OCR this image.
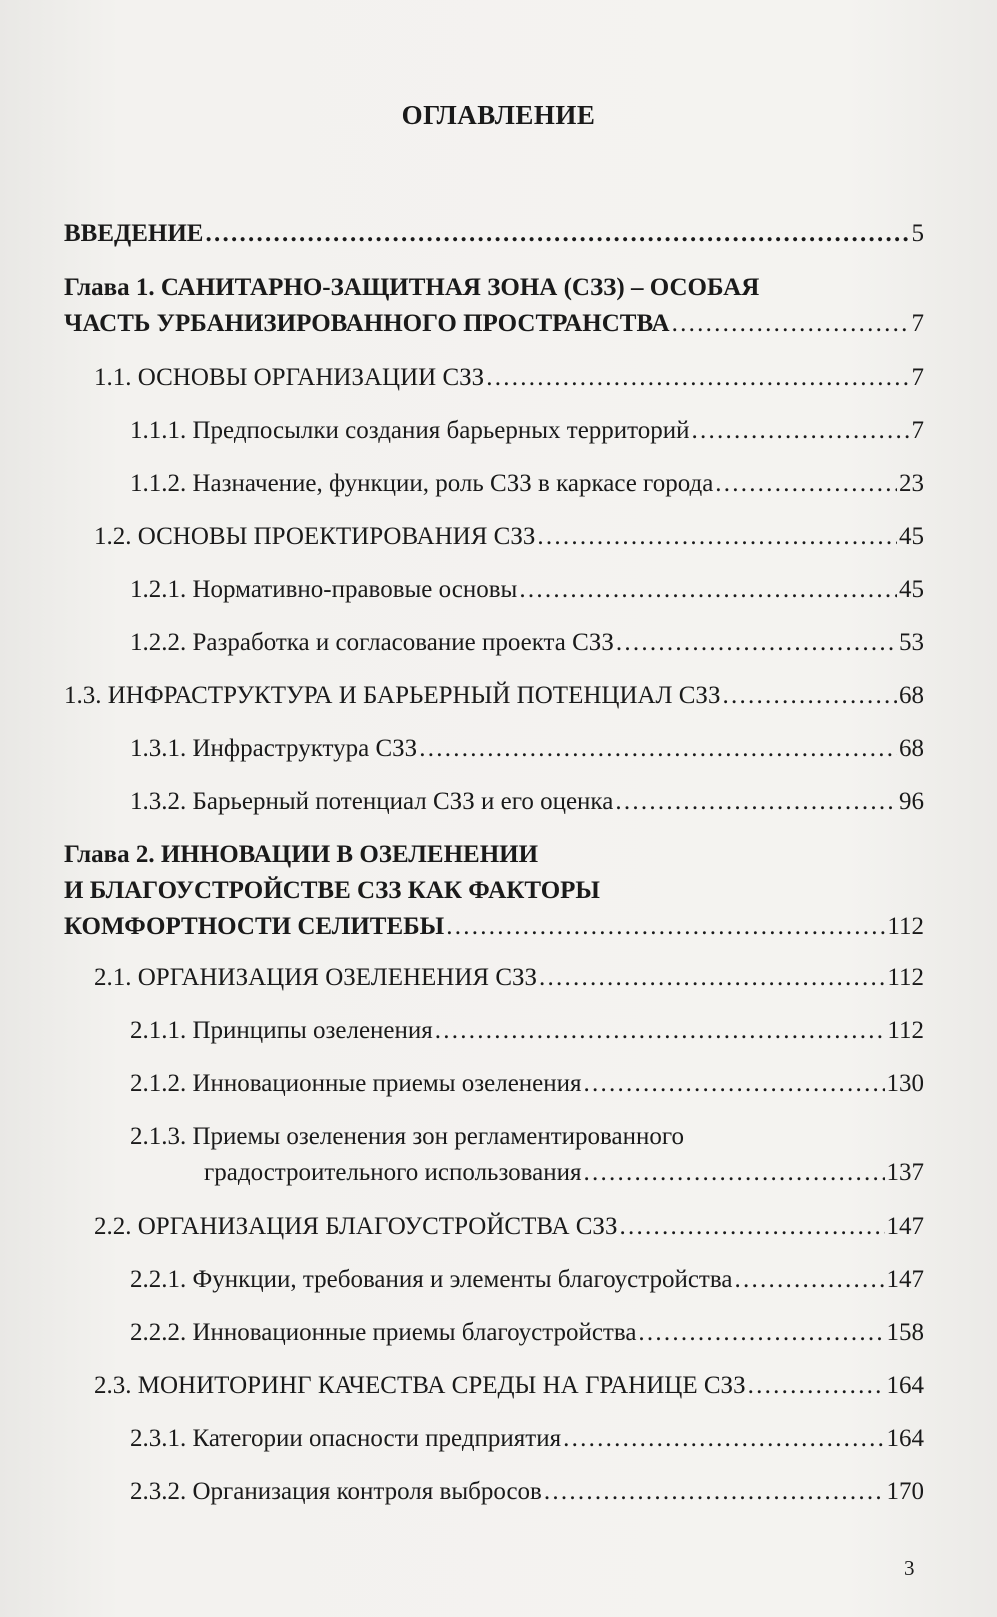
ОГЛАВЛЕНИЕ
ВВЕДЕНИЕ . . .	5
Глава 1. САНИТАРНО-ЗАЩИТНАЯ ЗОНА (СЗЗ) – ОСОБАЯ
ЧАСТЬ УРБАНИЗИРОВАННОГО ПРОСТРАНСТВА . . .	7
1.1. ОСНОВЫ ОРГАНИЗАЦИИ СЗЗ . . .	7
1.1.1. Предпосылки создания барьерных территорий . . .	7
1.1.2. Назначение, функции, роль СЗЗ в каркасе города . . .	23
1.2. ОСНОВЫ ПРОЕКТИРОВАНИЯ СЗЗ . . .	45
1.2.1. Нормативно-правовые основы . . .	45
1.2.2. Разработка и согласование проекта СЗЗ . . .	53
1.3. ИНФРАСТРУКТУРА И БАРЬЕРНЫЙ ПОТЕНЦИАЛ СЗЗ . . .	68
1.3.1. Инфраструктура СЗЗ . . .	68
1.3.2. Барьерный потенциал СЗЗ и его оценка . . .	96
Глава 2. ИННОВАЦИИ В ОЗЕЛЕНЕНИИ
И БЛАГОУСТРОЙСТВЕ СЗЗ КАК ФАКТОРЫ
КОМФОРТНОСТИ СЕЛИТЕБЫ . . .	112
2.1. ОРГАНИЗАЦИЯ ОЗЕЛЕНЕНИЯ СЗЗ . . .	112
2.1.1. Принципы озеленения . . .	112
2.1.2. Инновационные приемы озеленения . . .	130
2.1.3. Приемы озеленения зон регламентированного
градостроительного использования . . .	137
2.2. ОРГАНИЗАЦИЯ БЛАГОУСТРОЙСТВА СЗЗ . . .	147
2.2.1. Функции, требования и элементы благоустройства . . .	147
2.2.2. Инновационные приемы благоустройства . . .	158
2.3. МОНИТОРИНГ КАЧЕСТВА СРЕДЫ НА ГРАНИЦЕ СЗЗ . . .	164
2.3.1. Категории опасности предприятия . . .	164
2.3.2. Организация контроля выбросов . . .	170
3
